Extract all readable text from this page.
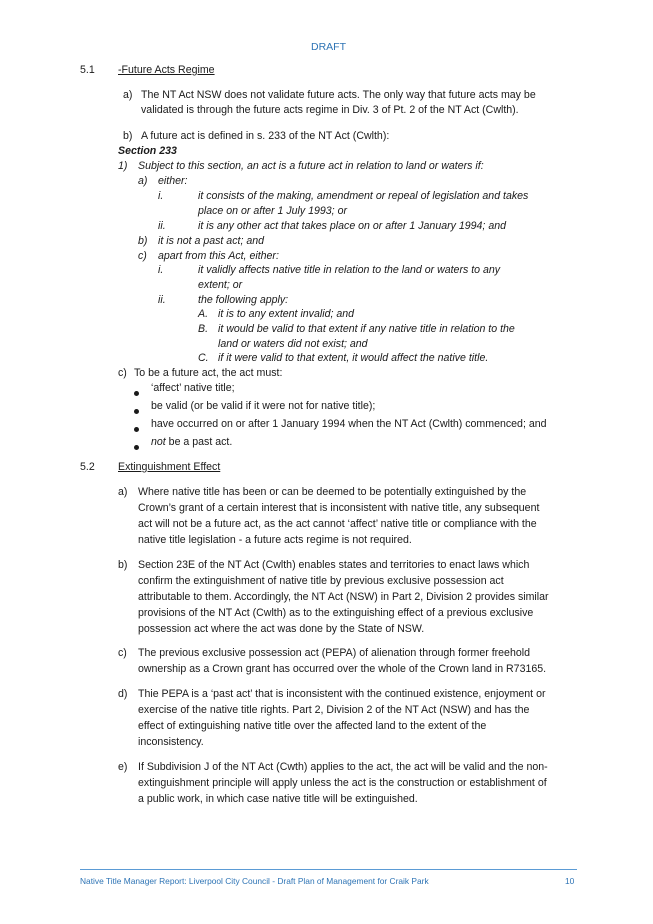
DRAFT
5.1 -Future Acts Regime
a) The NT Act NSW does not validate future acts. The only way that future acts may be
validated is through the future acts regime in Div. 3 of Pt. 2 of the NT Act (Cwlth).
b) A future act is defined in s. 233 of the NT Act (Cwlth):
Section 233
1) Subject to this section, an act is a future act in relation to land or waters if:
a) either:
i.	it consists of the making, amendment or repeal of legislation and takes
place on or after 1 July 1993; or
ii.	it is any other act that takes place on or after 1 January 1994; and
b) it is not a past act; and
c) apart from this Act, either:
i.	it validly affects native title in relation to the land or waters to any
extent; or
ii.	the following apply:
A. it is to any extent invalid; and
B. it would be valid to that extent if any native title in relation to the
land or waters did not exist; and
C. if it were valid to that extent, it would affect the native title.
c) To be a future act, the act must:
‘affect’ native title;
be valid (or be valid if it were not for native title);
have occurred on or after 1 January 1994 when the NT Act (Cwlth) commenced; and
not be a past act.
5.2 Extinguishment Effect
a) Where native title has been or can be deemed to be potentially extinguished by the
Crown’s grant of a certain interest that is inconsistent with native title, any subsequent
act will not be a future act, as the act cannot ‘affect’ native title or compliance with the
native title legislation - a future acts regime is not required.
b) Section 23E of the NT Act (Cwlth) enables states and territories to enact laws which
confirm the extinguishment of native title by previous exclusive possession act
attributable to them. Accordingly, the NT Act (NSW) in Part 2, Division 2 provides similar
provisions of the NT Act (Cwlth) as to the extinguishing effect of a previous exclusive
possession act where the act was done by the State of NSW.
c) The previous exclusive possession act (PEPA) of alienation through former freehold
ownership as a Crown grant has occurred over the whole of the Crown land in R73165.
d) Thie PEPA is a ‘past act’ that is inconsistent with the continued existence, enjoyment or
exercise of the native title rights. Part 2, Division 2 of the NT Act (NSW) and has the
effect of extinguishing native title over the affected land to the extent of the
inconsistency.
e) If Subdivision J of the NT Act (Cwth) applies to the act, the act will be valid and the non-
extinguishment principle will apply unless the act is the construction or establishment of
a public work, in which case native title will be extinguished.
Native Title Manager Report: Liverpool City Council - Draft Plan of Management for Craik Park	10
